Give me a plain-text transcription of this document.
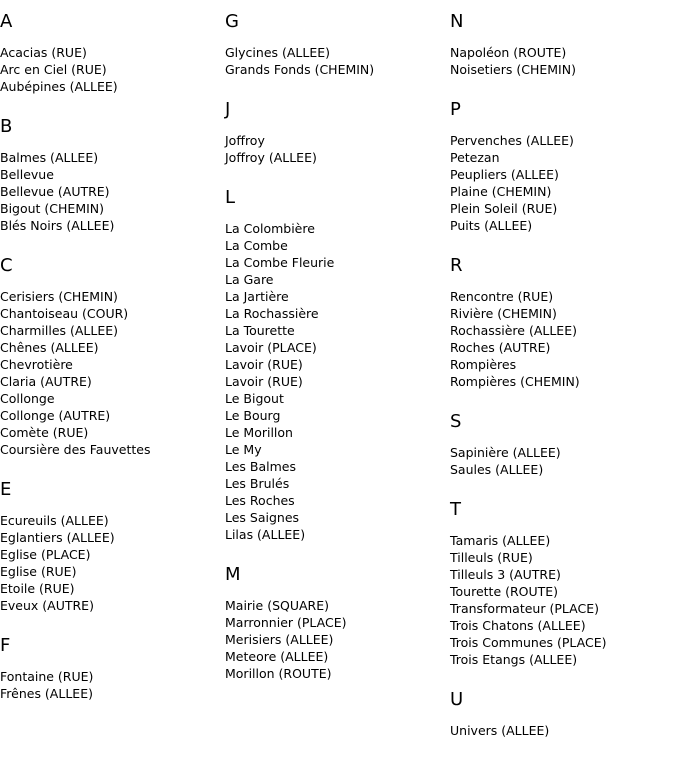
A
Acacias (RUE)
Arc en Ciel (RUE)
Aubépines (ALLEE)
B
Balmes (ALLEE)
Bellevue
Bellevue (AUTRE)
Bigout (CHEMIN)
Blés Noirs (ALLEE)
C
Cerisiers (CHEMIN)
Chantoiseau (COUR)
Charmilles (ALLEE)
Chênes (ALLEE)
Chevrotière
Claria (AUTRE)
Collonge
Collonge (AUTRE)
Comète (RUE)
Coursière des Fauvettes
E
Ecureuils (ALLEE)
Eglantiers (ALLEE)
Eglise (PLACE)
Eglise (RUE)
Etoile (RUE)
Eveux (AUTRE)
F
Fontaine (RUE)
Frênes (ALLEE)
G
Glycines (ALLEE)
Grands Fonds (CHEMIN)
J
Joffroy
Joffroy (ALLEE)
L
La Colombière
La Combe
La Combe Fleurie
La Gare
La Jartière
La Rochassière
La Tourette
Lavoir (PLACE)
Lavoir (RUE)
Lavoir (RUE)
Le Bigout
Le Bourg
Le Morillon
Le My
Les Balmes
Les Brulés
Les Roches
Les Saignes
Lilas (ALLEE)
M
Mairie (SQUARE)
Marronnier (PLACE)
Merisiers (ALLEE)
Meteore (ALLEE)
Morillon (ROUTE)
N
Napoléon (ROUTE)
Noisetiers (CHEMIN)
P
Pervenches (ALLEE)
Petezan
Peupliers (ALLEE)
Plaine (CHEMIN)
Plein Soleil (RUE)
Puits (ALLEE)
R
Rencontre (RUE)
Rivière (CHEMIN)
Rochassière (ALLEE)
Roches (AUTRE)
Rompières
Rompières (CHEMIN)
S
Sapinière (ALLEE)
Saules (ALLEE)
T
Tamaris (ALLEE)
Tilleuls (RUE)
Tilleuls 3 (AUTRE)
Tourette (ROUTE)
Transformateur (PLACE)
Trois Chatons (ALLEE)
Trois Communes (PLACE)
Trois Etangs (ALLEE)
U
Univers (ALLEE)
